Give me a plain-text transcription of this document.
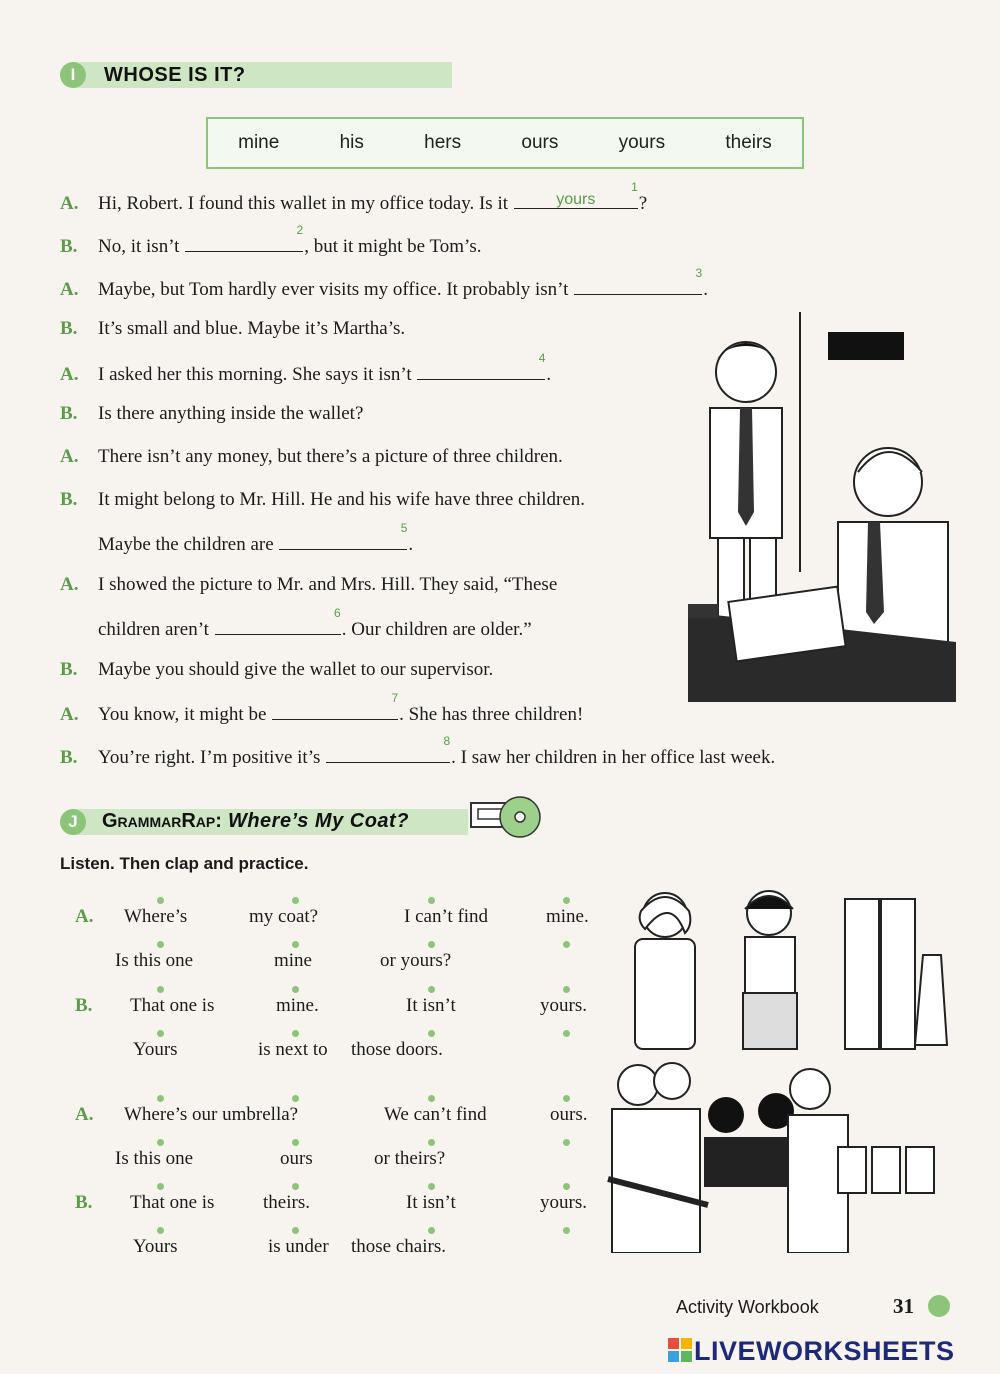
I	WHOSE IS IT?
mine	his	hers	ours	yours	theirs
A. Hi, Robert. I found this wallet in my office today. Is it	yours
1
?
B. No, it isn’t
2
, but it might be Tom’s.
A. Maybe, but Tom hardly ever visits my office. It probably isn’t
3
.
B. It’s small and blue. Maybe it’s Martha’s.
A. I asked her this morning. She says it isn’t
4
.
B. Is there anything inside the wallet?
A. There isn’t any money, but there’s a picture of three children.
B. It might belong to Mr. Hill. He and his wife have three children.
Maybe the children are
5
.
A. I showed the picture to Mr. and Mrs. Hill. They said, “These
children aren’t
6
. Our children are older.”
B. Maybe you should give the wallet to our supervisor.
A. You know, it might be
7
. She has three children!
B. You’re right. I’m positive it’s
8
. I saw her children in her office last week.
J	GrammarRap: Where’s My Coat?
Listen. Then clap and practice.
A. Where’s	my coat?	I can’t find	mine.
Is this one	mine	or yours?
B. That one is	mine.	It isn’t	yours.
Yours	is next to those doors.
A. Where’s our umbrella?	We can’t find	ours.
Is this one	ours	or theirs?
B. That one is	theirs.	It isn’t	yours.
Yours	is under those chairs.
Activity Workbook	31
LIVEWORKSHEETS
